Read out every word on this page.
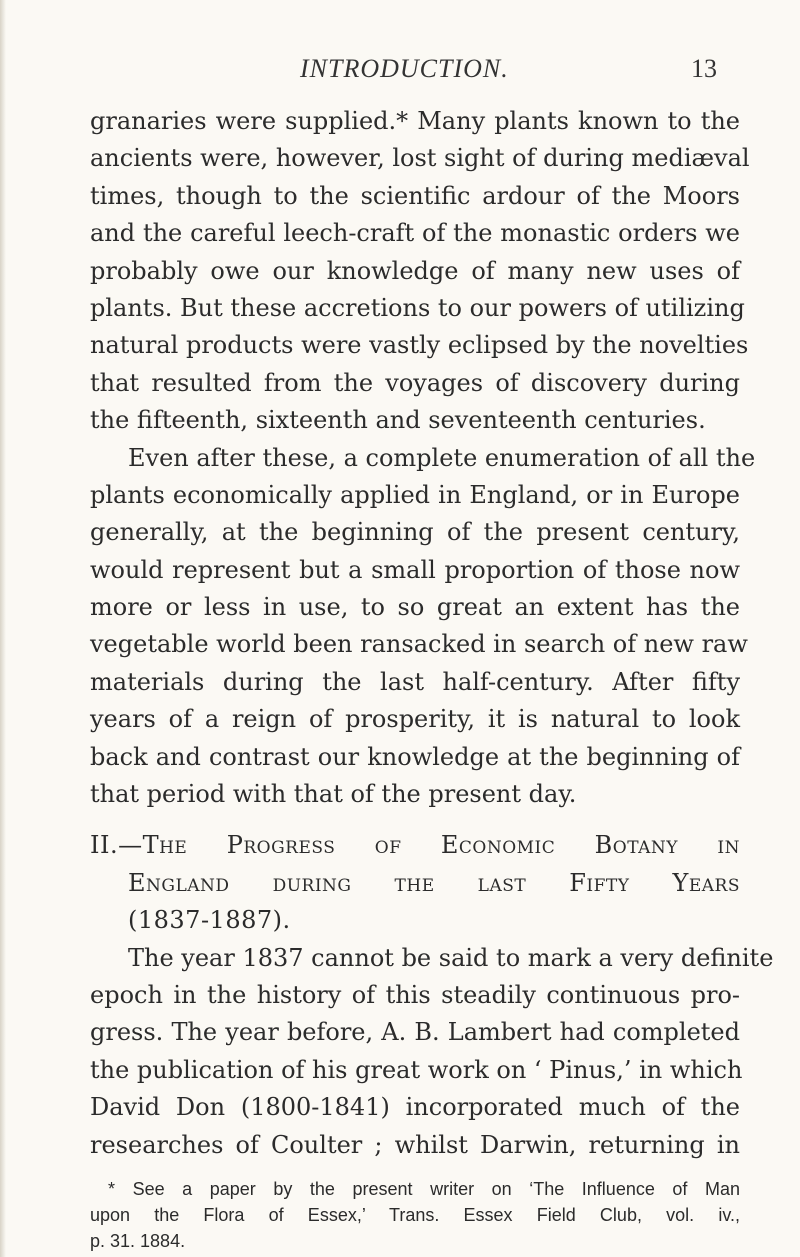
INTRODUCTION.	13
granaries were supplied.* Many plants known to the
ancients were, however, lost sight of during mediæval
times, though to the scientific ardour of the Moors
and the careful leech-craft of the monastic orders we
probably owe our knowledge of many new uses of
plants. But these accretions to our powers of utilizing
natural products were vastly eclipsed by the novelties
that resulted from the voyages of discovery during
the fifteenth, sixteenth and seventeenth centuries.
Even after these, a complete enumeration of all the
plants economically applied in England, or in Europe
generally, at the beginning of the present century,
would represent but a small proportion of those now
more or less in use, to so great an extent has the
vegetable world been ransacked in search of new raw
materials during the last half-century. After fifty
years of a reign of prosperity, it is natural to look
back and contrast our knowledge at the beginning of
that period with that of the present day.
II.—The Progress of Economic Botany in
England during the last Fifty Years
(1837-1887).
The year 1837 cannot be said to mark a very definite
epoch in the history of this steadily continuous pro-
gress. The year before, A. B. Lambert had completed
the publication of his great work on ‘ Pinus,’ in which
David Don (1800-1841) incorporated much of the
researches of Coulter ; whilst Darwin, returning in
* See a paper by the present writer on ‘The Influence of Man
upon the Flora of Essex,’ Trans. Essex Field Club, vol. iv.,
p. 31. 1884.
